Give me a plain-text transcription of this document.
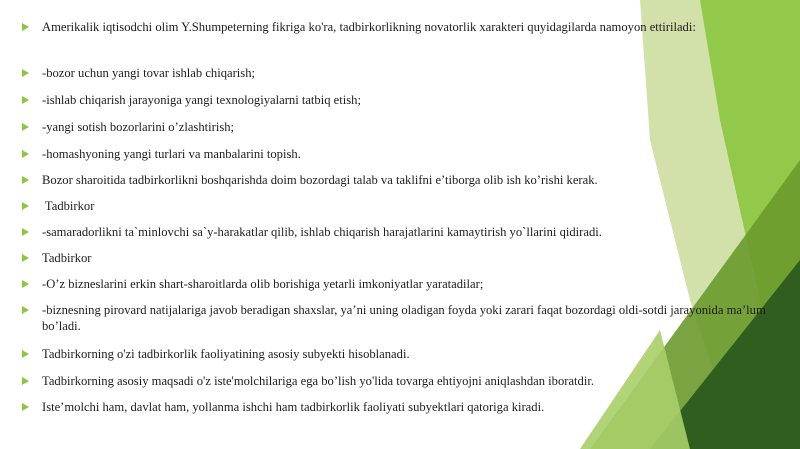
Amerikalik iqtisodchi olim Y.Shumpeterning fikriga ko'ra, tadbirkorlikning novatorlik xarakteri quyidagilarda namoyon ettiriladi:
-bozor uchun yangi tovar ishlab chiqarish;
-ishlab chiqarish jarayoniga yangi texnologiyalarni tatbiq etish;
-yangi sotish bozorlarini o’zlashtirish;
-homashyoning yangi turlari va manbalarini topish.
Bozor sharoitida tadbirkorlikni boshqarishda doim bozordagi talab va taklifni e’tiborga olib ish ko’rishi kerak.
Tadbirkor
-samaradorlikni ta`minlovchi sa`y-harakatlar qilib, ishlab chiqarish harajatlarini kamaytirish yo`llarini qidiradi.
Tadbirkor
-O’z bizneslarini erkin shart-sharoitlarda olib borishiga yetarli imkoniyatlar yaratadilar;
-biznesning pirovard natijalariga javob beradigan shaxslar, ya’ni uning oladigan foyda yoki zarari faqat bozordagi oldi-sotdi jarayonida ma’lum bo’ladi.
Tadbirkorning o'zi tadbirkorlik faoliyatining asosiy subyekti hisoblanadi.
Tadbirkorning asosiy maqsadi o'z iste'molchilariga ega bo’lish yo'lida tovarga ehtiyojni aniqlashdan iboratdir.
Iste’molchi ham, davlat ham, yollanma ishchi ham tadbirkorlik faoliyati subyektlari qatoriga kiradi.
